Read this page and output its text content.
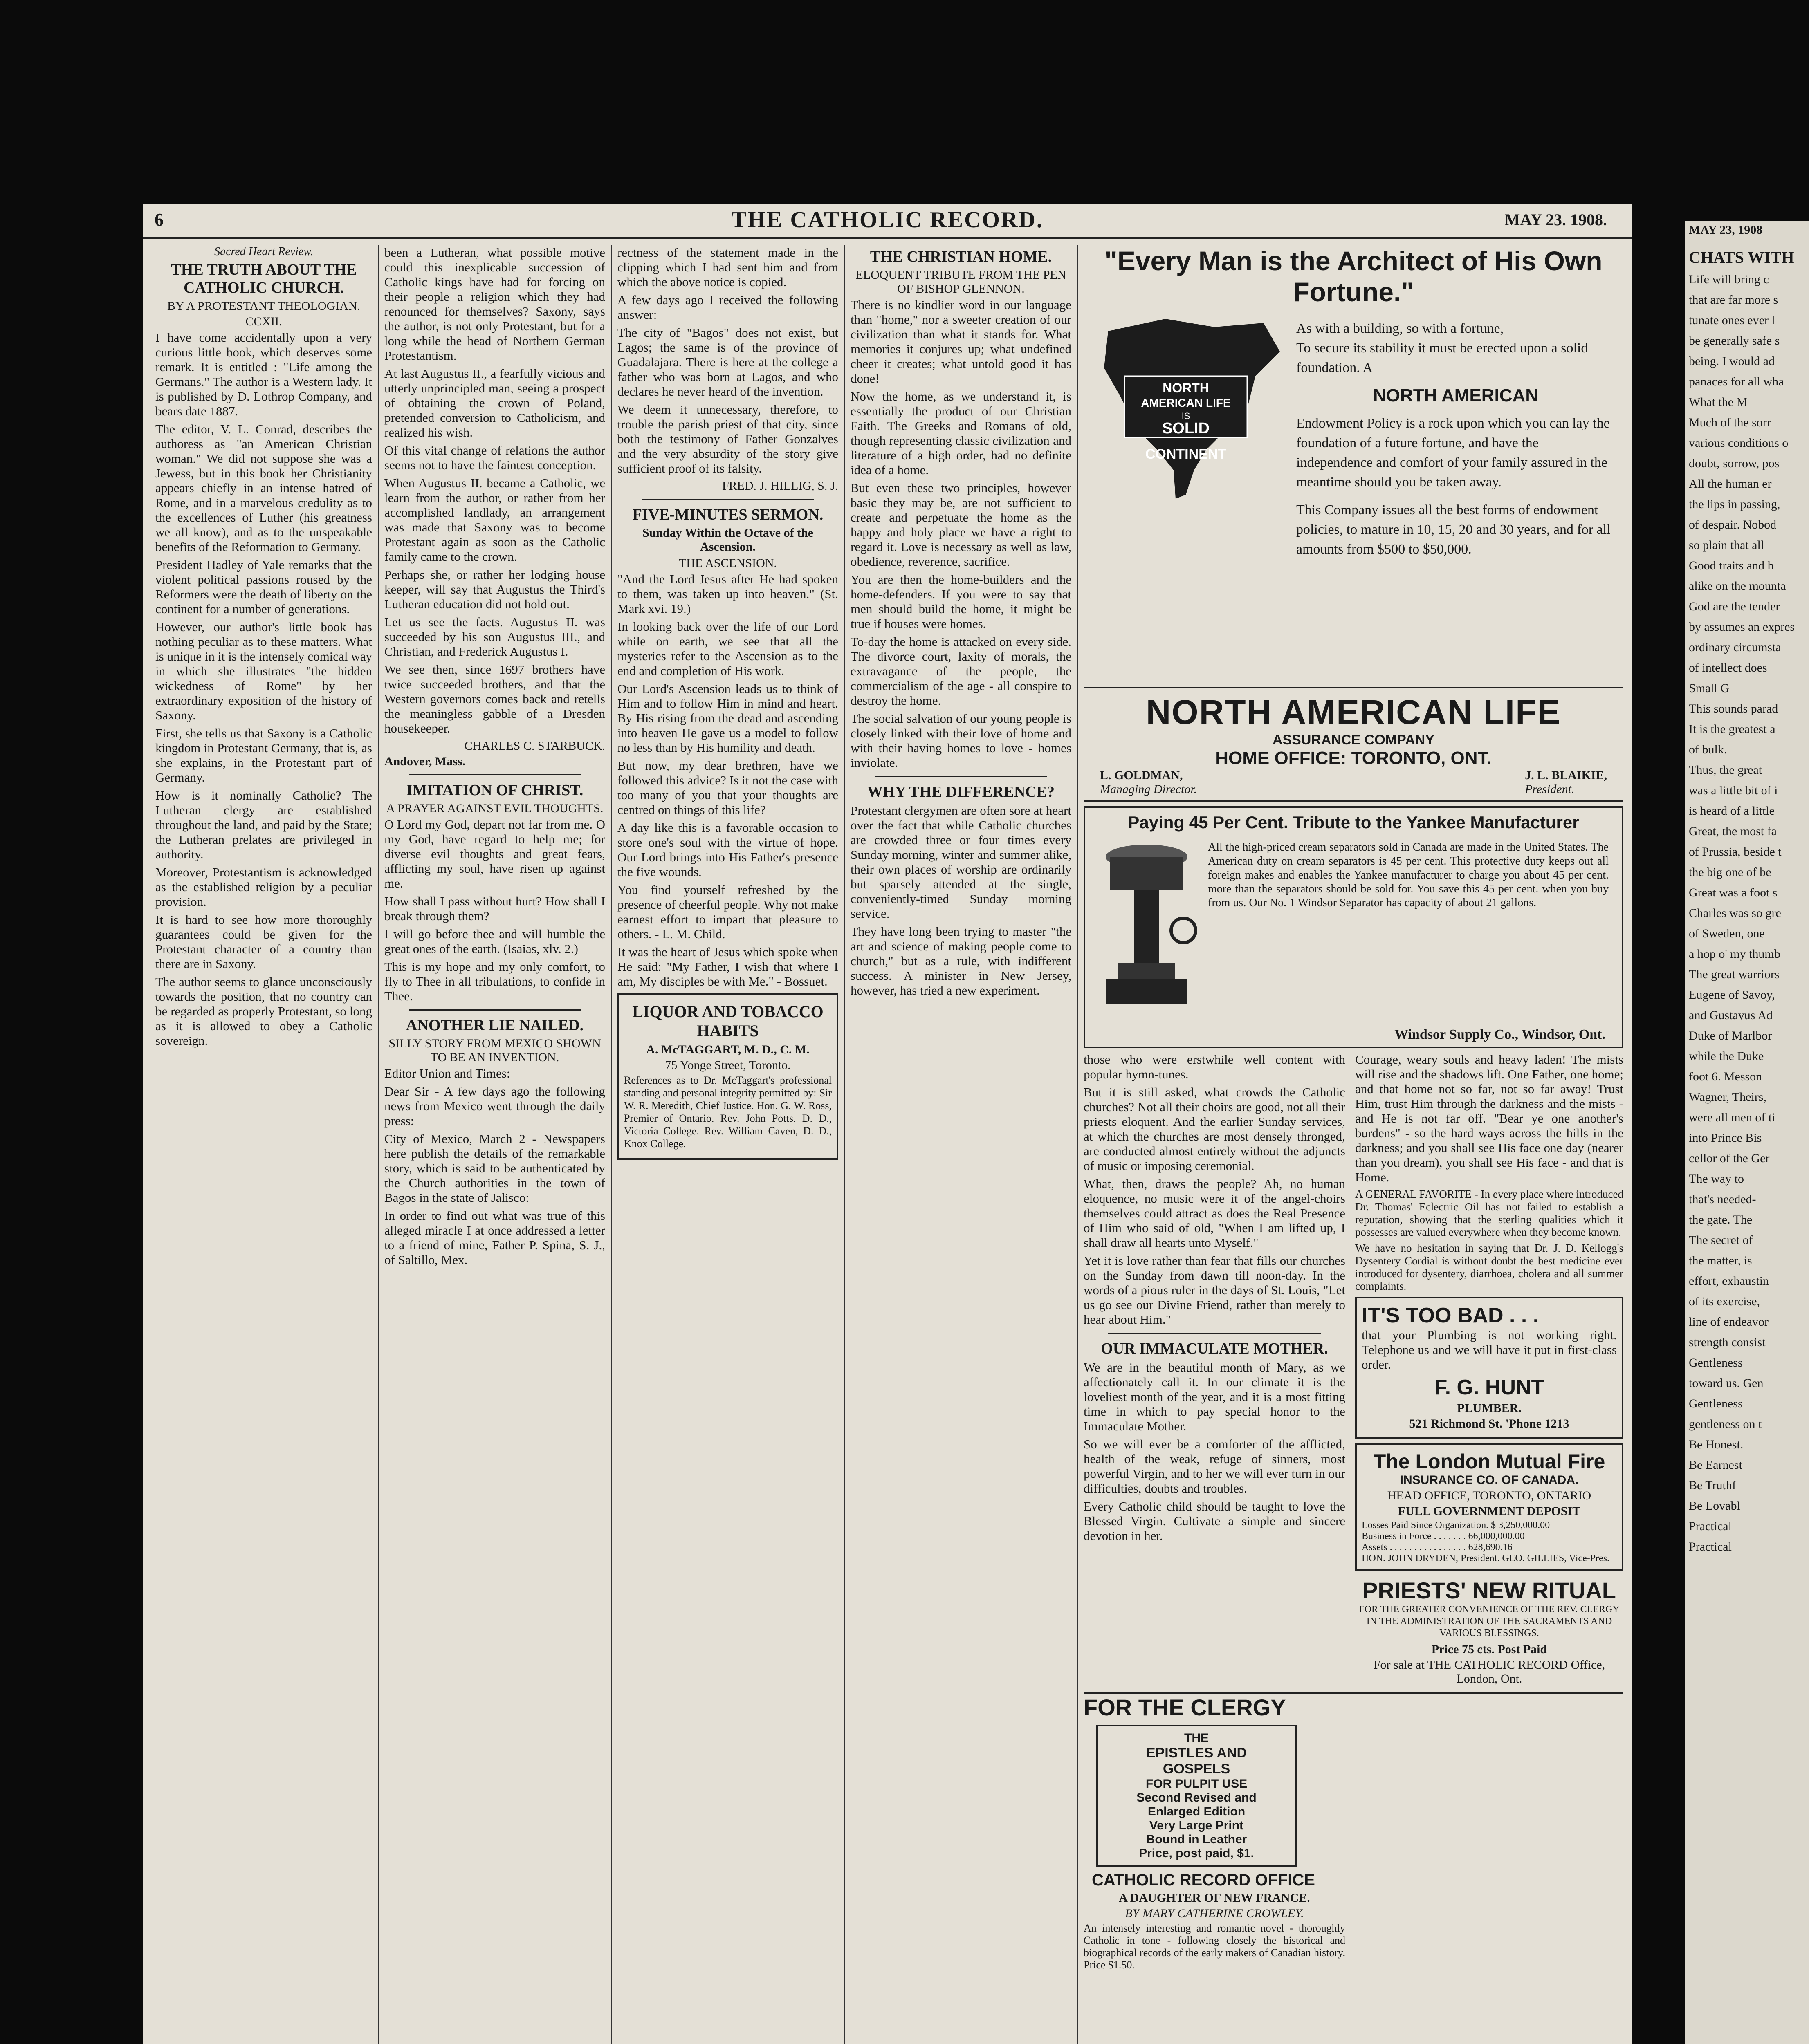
6	THE CATHOLIC RECORD.	MAY 23. 1908.
Sacred Heart Review.
THE TRUTH ABOUT THE CATHOLIC CHURCH.
BY A PROTESTANT THEOLOGIAN.
CCXII.

I have come accidentally upon a very curious little book, which deserves some remark. It is entitled : "Life among the Germans." The author is a Western lady. It is published by D. Lothrop Company, and bears date 1887.

The editor, V. L. Conrad, describes the authoress as "an American Christian woman." We did not suppose she was a Jewess, but in this book her Christianity appears chiefly in an intense hatred of Rome, and in a marvelous credulity as to the excellences of Luther (his greatness we all know), and as to the unspeakable benefits of the Reformation to Germany.

President Hadley of Yale remarks that the violent political passions roused by the Reformers were the death of liberty on the continent for a number of generations.

However, our author's little book has nothing peculiar as to these matters. What is unique in it is the intensely comical way in which she illustrates "the hidden wickedness of Rome" by her extraordinary exposition of the history of Saxony.

First, she tells us that Saxony is a Catholic kingdom in Protestant Germany, that is, as she explains, in the Protestant part of Germany.

How is it nominally Catholic? The Lutheran clergy are established throughout the land, and paid by the State; the Lutheran prelates are privileged in authority.

Moreover, Protestantism is acknowledged as the established religion by a peculiar provision.

It is hard to see how more thoroughly guarantees could be given for the Protestant character of a country than there are in Saxony.

The author seems to glance unconsciously towards the position, that no country can be regarded as properly Protestant, so long as it is allowed to obey a Catholic sovereign.

been a Lutheran, what possible motive could this inexplicable succession of Catholic kings have had for forcing on their people a religion which they had renounced for themselves? Saxony, says the author, is not only Protestant, but for a long while the head of Northern German Protestantism.

At last Augustus II., a fearfully vicious and utterly unprincipled man, seeing a prospect of obtaining the crown of Poland, pretended conversion to Catholicism, and realized his wish.

Of this vital change of relations the author seems not to have the faintest conception.

When Augustus II. became a Catholic, we learn from the author, or rather from her accomplished landlady, an arrangement was made that Saxony was to become Protestant again as soon as the Catholic family came to the crown.

Perhaps she, or rather her lodging house keeper, will say that Augustus the Third's Lutheran education did not hold out.

Let us see the facts. Augustus II. was succeeded by his son Augustus III., and Christian, and Frederick Augustus I.

We see then, since 1697 brothers have twice succeeded brothers, and that the Western governors comes back and retells the meaningless gabble of a Dresden housekeeper.

CHARLES C. STARBUCK.
Andover, Mass.
IMITATION OF CHRIST.
A PRAYER AGAINST EVIL THOUGHTS.

O Lord my God, depart not far from me. O my God, have regard to help me; for diverse evil thoughts and great fears, afflicting my soul, have risen up against me.

How shall I pass without hurt? How shall I break through them?

I will go before thee and will humble the great ones of the earth. (Isaias, xlv. 2.)

This is my hope and my only comfort, to fly to Thee in all tribulations, to confide in Thee.

ANOTHER LIE NAILED.
SILLY STORY FROM MEXICO SHOWN TO BE AN INVENTION.

Editor Union and Times:

Dear Sir - A few days ago the following news from Mexico went through the daily press:

City of Mexico, March 2 - Newspapers here publish the details of the remarkable story, which is said to be authenticated by the Church authorities in the town of Bagos in the state of Jalisco:

In order to find out what was true of this alleged miracle I at once addressed a letter to a friend of mine, Father P. Spina, S. J., of Saltillo, Mex.

rectness of the statement made in the clipping which I had sent him and from which the above notice is copied.

A few days ago I received the following answer:

The city of "Bagos" does not exist, but Lagos; the same is of the province of Guadalajara. There is here at the college a father who was born at Lagos, and who declares he never heard of the invention.

We deem it unnecessary, therefore, to trouble the parish priest of that city, since both the testimony of Father Gonzalves and the very absurdity of the story give sufficient proof of its falsity.

FRED. J. HILLIG, S. J.
FIVE-MINUTES SERMON.
Sunday Within the Octave of the Ascension.
THE ASCENSION.

"And the Lord Jesus after He had spoken to them, was taken up into heaven." (St. Mark xvi. 19.)

In looking back over the life of our Lord while on earth, we see that all the mysteries refer to the Ascension as to the end and completion of His work.

Our Lord's Ascension leads us to think of Him and to follow Him in mind and heart. By His rising from the dead and ascending into heaven He gave us a model to follow no less than by His humility and death.

But now, my dear brethren, have we followed this advice? Is it not the case with too many of you that your thoughts are centred on things of this life?

A day like this is a favorable occasion to store one's soul with the virtue of hope. Our Lord brings into His Father's presence the five wounds.

You find yourself refreshed by the presence of cheerful people. Why not make earnest effort to impart that pleasure to others. - L. M. Child.

It was the heart of Jesus which spoke when He said: "My Father, I wish that where I am, My disciples be with Me." - Bossuet.

LIQUOR AND TOBACCO HABITS
A. McTAGGART, M. D., C. M.
75 Yonge Street, Toronto.

References as to Dr. McTaggart's professional standing and personal integrity permitted by: Sir W. R. Meredith, Chief Justice. Hon. G. W. Ross, Premier of Ontario. Rev. John Potts, D. D., Victoria College. Rev. William Caven, D. D., Knox College.

THE CHRISTIAN HOME.
ELOQUENT TRIBUTE FROM THE PEN OF BISHOP GLENNON.

There is no kindlier word in our language than "home," nor a sweeter creation of our civilization than what it stands for. What memories it conjures up; what undefined cheer it creates; what untold good it has done!

Now the home, as we understand it, is essentially the product of our Christian Faith. The Greeks and Romans of old, though representing classic civilization and literature of a high order, had no definite idea of a home.

But even these two principles, however basic they may be, are not sufficient to create and perpetuate the home as the happy and holy place we have a right to regard it. Love is necessary as well as law, obedience, reverence, sacrifice.

You are then the home-builders and the home-defenders. If you were to say that men should build the home, it might be true if houses were homes.

To-day the home is attacked on every side. The divorce court, laxity of morals, the extravagance of the people, the commercialism of the age - all conspire to destroy the home.

The social salvation of our young people is closely linked with their love of home and with their having homes to love - homes inviolate.

WHY THE DIFFERENCE?

Protestant clergymen are often sore at heart over the fact that while Catholic churches are crowded three or four times every Sunday morning, winter and summer alike, their own places of worship are ordinarily but sparsely attended at the single, conveniently-timed Sunday morning service.

They have long been trying to master "the art and science of making people come to church," but as a rule, with indifferent success. A minister in New Jersey, however, has tried a new experiment.

"Every Man is the Architect of His Own Fortune."
NORTH
AMERICAN LIFE
IS
SOLID
AS THE
CONTINENT
As with a building, so with a fortune,
To secure its stability it must be erected upon a solid foundation. A
NORTH AMERICAN
Endowment Policy is a rock upon which you can lay the foundation of a future fortune, and have the independence and comfort of your family assured in the meantime should you be taken away.
This Company issues all the best forms of endowment policies, to mature in 10, 15, 20 and 30 years, and for all amounts from $500 to $50,000.
NORTH AMERICAN LIFE
ASSURANCE COMPANY
HOME OFFICE: TORONTO, ONT.
L. GOLDMAN,
Managing Director.
J. L. BLAIKIE,
President.
Paying 45 Per Cent. Tribute to the Yankee Manufacturer

All the high-priced cream separators sold in Canada are made in the United States. The American duty on cream separators is 45 per cent. This protective duty keeps out all foreign makes and enables the Yankee manufacturer to charge you about 45 per cent. more than the separators should be sold for. You save this 45 per cent. when you buy from us. Our No. 1 Windsor Separator has capacity of about 21 gallons.

Windsor Supply Co., Windsor, Ont.

those who were erstwhile well content with popular hymn-tunes.

But it is still asked, what crowds the Catholic churches? Not all their choirs are good, not all their priests eloquent. And the earlier Sunday services, at which the churches are most densely thronged, are conducted almost entirely without the adjuncts of music or imposing ceremonial.

What, then, draws the people? Ah, no human eloquence, no music were it of the angel-choirs themselves could attract as does the Real Presence of Him who said of old, "When I am lifted up, I shall draw all hearts unto Myself."

Yet it is love rather than fear that fills our churches on the Sunday from dawn till noon-day. In the words of a pious ruler in the days of St. Louis, "Let us go see our Divine Friend, rather than merely to hear about Him."

OUR IMMACULATE MOTHER.

We are in the beautiful month of Mary, as we affectionately call it. In our climate it is the loveliest month of the year, and it is a most fitting time in which to pay special honor to the Immaculate Mother.

So we will ever be a comforter of the afflicted, health of the weak, refuge of sinners, most powerful Virgin, and to her we will ever turn in our difficulties, doubts and troubles.

Every Catholic child should be taught to love the Blessed Virgin. Cultivate a simple and sincere devotion in her.

Courage, weary souls and heavy laden! The mists will rise and the shadows lift. One Father, one home; and that home not so far, not so far away! Trust Him, trust Him through the darkness and the mists - and He is not far off. "Bear ye one another's burdens" - so the hard ways across the hills in the darkness; and you shall see His face one day (nearer than you dream), you shall see His face - and that is Home.

A GENERAL FAVORITE - In every place where introduced Dr. Thomas' Eclectric Oil has not failed to establish a reputation, showing that the sterling qualities which it possesses are valued everywhere when they become known.

We have no hesitation in saying that Dr. J. D. Kellogg's Dysentery Cordial is without doubt the best medicine ever introduced for dysentery, diarrhoea, cholera and all summer complaints.

IT'S TOO BAD . . .

that your Plumbing is not working right. Telephone us and we will have it put in first-class order.

F. G. HUNT
PLUMBER.
521 Richmond St. 'Phone 1213
The London Mutual Fire
INSURANCE CO. OF CANADA.
HEAD OFFICE, TORONTO, ONTARIO
FULL GOVERNMENT DEPOSIT
Losses Paid Since Organization. $ 3,250,000.00
Business in Force . . . . . . . 66,000,000.00
Assets . . . . . . . . . . . . . . . . 628,690.16
HON. JOHN DRYDEN, President. GEO. GILLIES, Vice-Pres.
PRIESTS' NEW RITUAL

FOR THE GREATER CONVENIENCE OF THE REV. CLERGY IN THE ADMINISTRATION OF THE SACRAMENTS AND VARIOUS BLESSINGS.

Price 75 cts. Post Paid
For sale at THE CATHOLIC RECORD Office, London, Ont.
FOR THE CLERGY
THE
EPISTLES AND
GOSPELS
FOR PULPIT USE
Second Revised and
Enlarged Edition
Very Large Print
Bound in Leather
Price, post paid, $1.
CATHOLIC RECORD OFFICE
A DAUGHTER OF NEW FRANCE.
BY MARY CATHERINE CROWLEY.

An intensely interesting and romantic novel - thoroughly Catholic in tone - following closely the historical and biographical records of the early makers of Canadian history. Price $1.50.

MAY 23, 1908
CHATS WITH
Life will bring c
that are far more s
tunate ones ever l
be generally safe s
being. I would ad
panaces for all wha
What the M
Much of the sorr
various conditions o
doubt, sorrow, pos
All the human er
the lips in passing,
of despair. Nobod
so plain that all
Good traits and h
alike on the mounta
God are the tender
by assumes an expres
ordinary circumsta
of intellect does
Small G
This sounds parad
It is the greatest a
of bulk.
Thus, the great
was a little bit of i
is heard of a little
Great, the most fa
of Prussia, beside t
the big one of be
Great was a foot s
Charles was so gre
of Sweden, one
a hop o' my thumb
The great warriors
Eugene of Savoy,
and Gustavus Ad
Duke of Marlbor
while the Duke
foot 6. Messon
Wagner, Theirs,
were all men of ti
into Prince Bis
cellor of the Ger
The way to
that's needed-
the gate. The
The secret of
the matter, is
effort, exhaustin
of its exercise,
line of endeavor
strength consist
Gentleness
toward us. Gen
Gentleness
gentleness on t
Be Honest.
Be Earnest
Be Truthf
Be Lovabl
Practical
Practical
